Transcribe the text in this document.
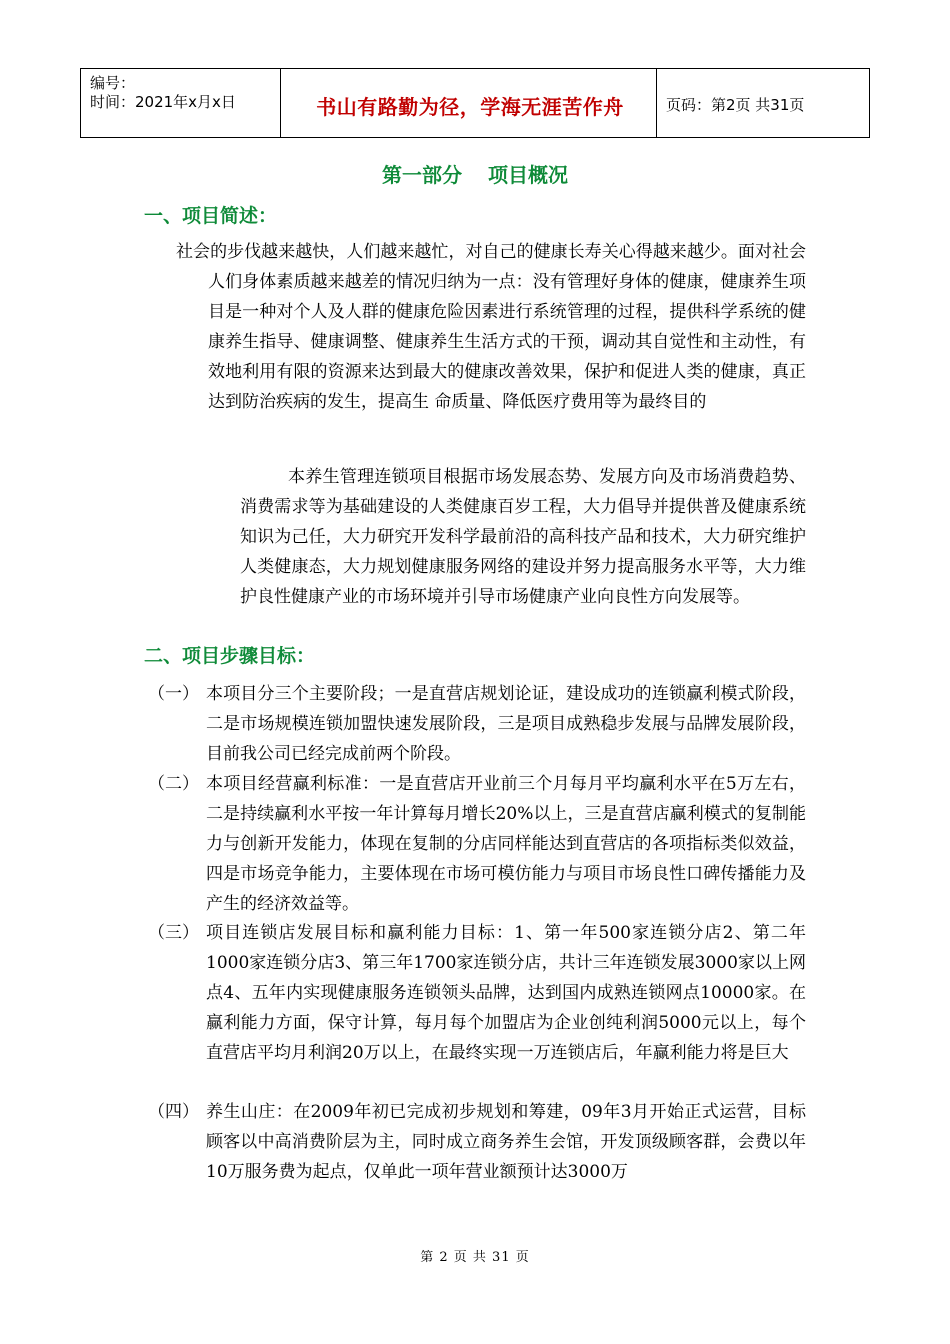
编号：
时间：2021年x月x日	书山有路勤为径，学海无涯苦作舟	页码：第2页 共31页
第一部分 项目概况
一、项目简述：
社会的步伐越来越快，人们越来越忙，对自己的健康长寿关心得越来越少。面对社会人们身体素质越来越差的情况归纳为一点：没有管理好身体的健康，健康养生项目是一种对个人及人群的健康危险因素进行系统管理的过程，提供科学系统的健康养生指导、健康调整、健康养生生活方式的干预，调动其自觉性和主动性，有效地利用有限的资源来达到最大的健康改善效果，保护和促进人类的健康，真正达到防治疾病的发生，提高生 命质量、降低医疗费用等为最终目的
本养生管理连锁项目根据市场发展态势、发展方向及市场消费趋势、消费需求等为基础建设的人类健康百岁工程，大力倡导并提供普及健康系统知识为己任，大力研究开发科学最前沿的高科技产品和技术，大力研究维护人类健康态，大力规划健康服务网络的建设并努力提高服务水平等，大力维护良性健康产业的市场环境并引导市场健康产业向良性方向发展等。
二、项目步骤目标：
（一） 本项目分三个主要阶段；一是直营店规划论证，建设成功的连锁赢利模式阶段，二是市场规模连锁加盟快速发展阶段，三是项目成熟稳步发展与品牌发展阶段，目前我公司已经完成前两个阶段。
（二） 本项目经营赢利标准：一是直营店开业前三个月每月平均赢利水平在5万左右，二是持续赢利水平按一年计算每月增长20%以上，三是直营店赢利模式的复制能力与创新开发能力，体现在复制的分店同样能达到直营店的各项指标类似效益，四是市场竞争能力，主要体现在市场可模仿能力与项目市场良性口碑传播能力及产生的经济效益等。
（三） 项目连锁店发展目标和赢利能力目标：1、第一年500家连锁分店2、第二年1000家连锁分店3、第三年1700家连锁分店，共计三年连锁发展3000家以上网点4、五年内实现健康服务连锁领头品牌，达到国内成熟连锁网点10000家。在赢利能力方面，保守计算，每月每个加盟店为企业创纯利润5000元以上，每个直营店平均月利润20万以上，在最终实现一万连锁店后，年赢利能力将是巨大
（四） 养生山庄：在2009年初已完成初步规划和筹建，09年3月开始正式运营，目标顾客以中高消费阶层为主，同时成立商务养生会馆，开发顶级顾客群，会费以年10万服务费为起点，仅单此一项年营业额预计达3000万
第 2 页 共 31 页
